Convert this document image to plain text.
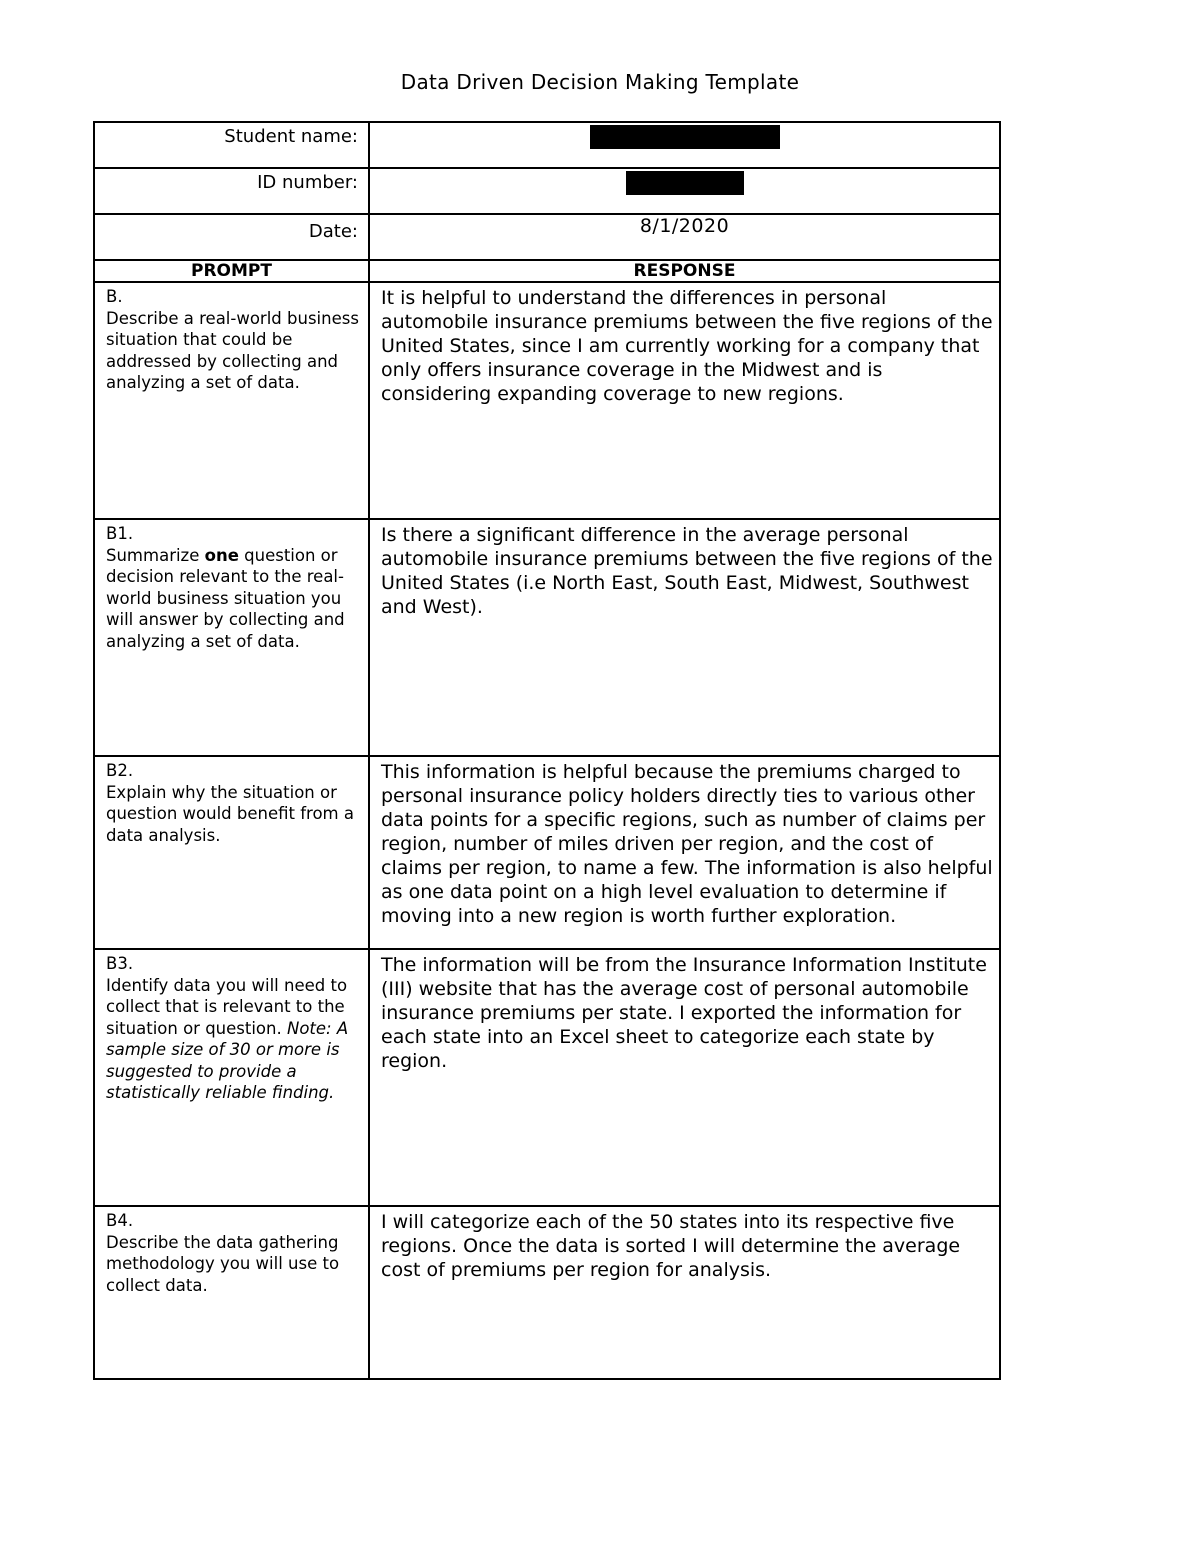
Data Driven Decision Making Template
Student name:	
ID number:	
Date:	8/1/2020
PROMPT	RESPONSE

B.
Describe a real-world business situation that could be addressed by collecting and analyzing a set of data.	It is helpful to understand the differences in personal automobile insurance premiums between the five regions of the United States, since I am currently working for a company that only offers insurance coverage in the Midwest and is considering expanding coverage to new regions.

B1.
Summarize one question or decision relevant to the real-world business situation you will answer by collecting and analyzing a set of data.	Is there a significant difference in the average personal automobile insurance premiums between the five regions of the United States (i.e North East, South East, Midwest, Southwest and West).

B2.
Explain why the situation or question would benefit from a data analysis.	This information is helpful because the premiums charged to personal insurance policy holders directly ties to various other data points for a specific regions, such as number of claims per region, number of miles driven per region, and the cost of claims per region, to name a few. The information is also helpful as one data point on a high level evaluation to determine if moving into a new region is worth further exploration.

B3.
Identify data you will need to collect that is relevant to the situation or question. Note: A sample size of 30 or more is suggested to provide a statistically reliable finding.	The information will be from the Insurance Information Institute (III) website that has the average cost of personal automobile insurance premiums per state. I exported the information for each state into an Excel sheet to categorize each state by region.

B4.
Describe the data gathering methodology you will use to collect data.	I will categorize each of the 50 states into its respective five regions. Once the data is sorted I will determine the average cost of premiums per region for analysis.
